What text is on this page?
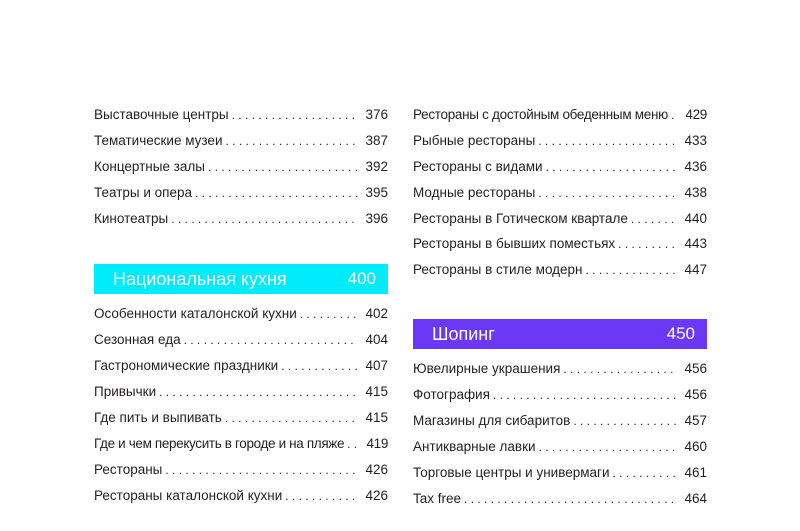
Выставочные центры . . .	376
Тематические музеи . . .	387
Концертные залы . . .	392
Театры и опера . . .	395
Кинотеатры . . .	396
Национальная кухня	400
Особенности каталонской кухни . . .	402
Сезонная еда . . .	404
Гастрономические праздники . . .	407
Привычки . . .	415
Где пить и выпивать . . .	415
Где и чем перекусить в городе и на пляже . . .	419
Рестораны . . .	426
Рестораны каталонской кухни . . .	426
Рестораны с достойным обеденным меню . . .	429
Рыбные рестораны . . .	433
Рестораны с видами . . .	436
Модные рестораны . . .	438
Рестораны в Готическом квартале . . .	440
Рестораны в бывших поместьях . . .	443
Рестораны в стиле модерн . . .	447
Шопинг	450
Ювелирные украшения . . .	456
Фотография . . .	456
Магазины для сибаритов . . .	457
Антикварные лавки . . .	460
Торговые центры и универмаги . . .	461
Tax free . . .	464
